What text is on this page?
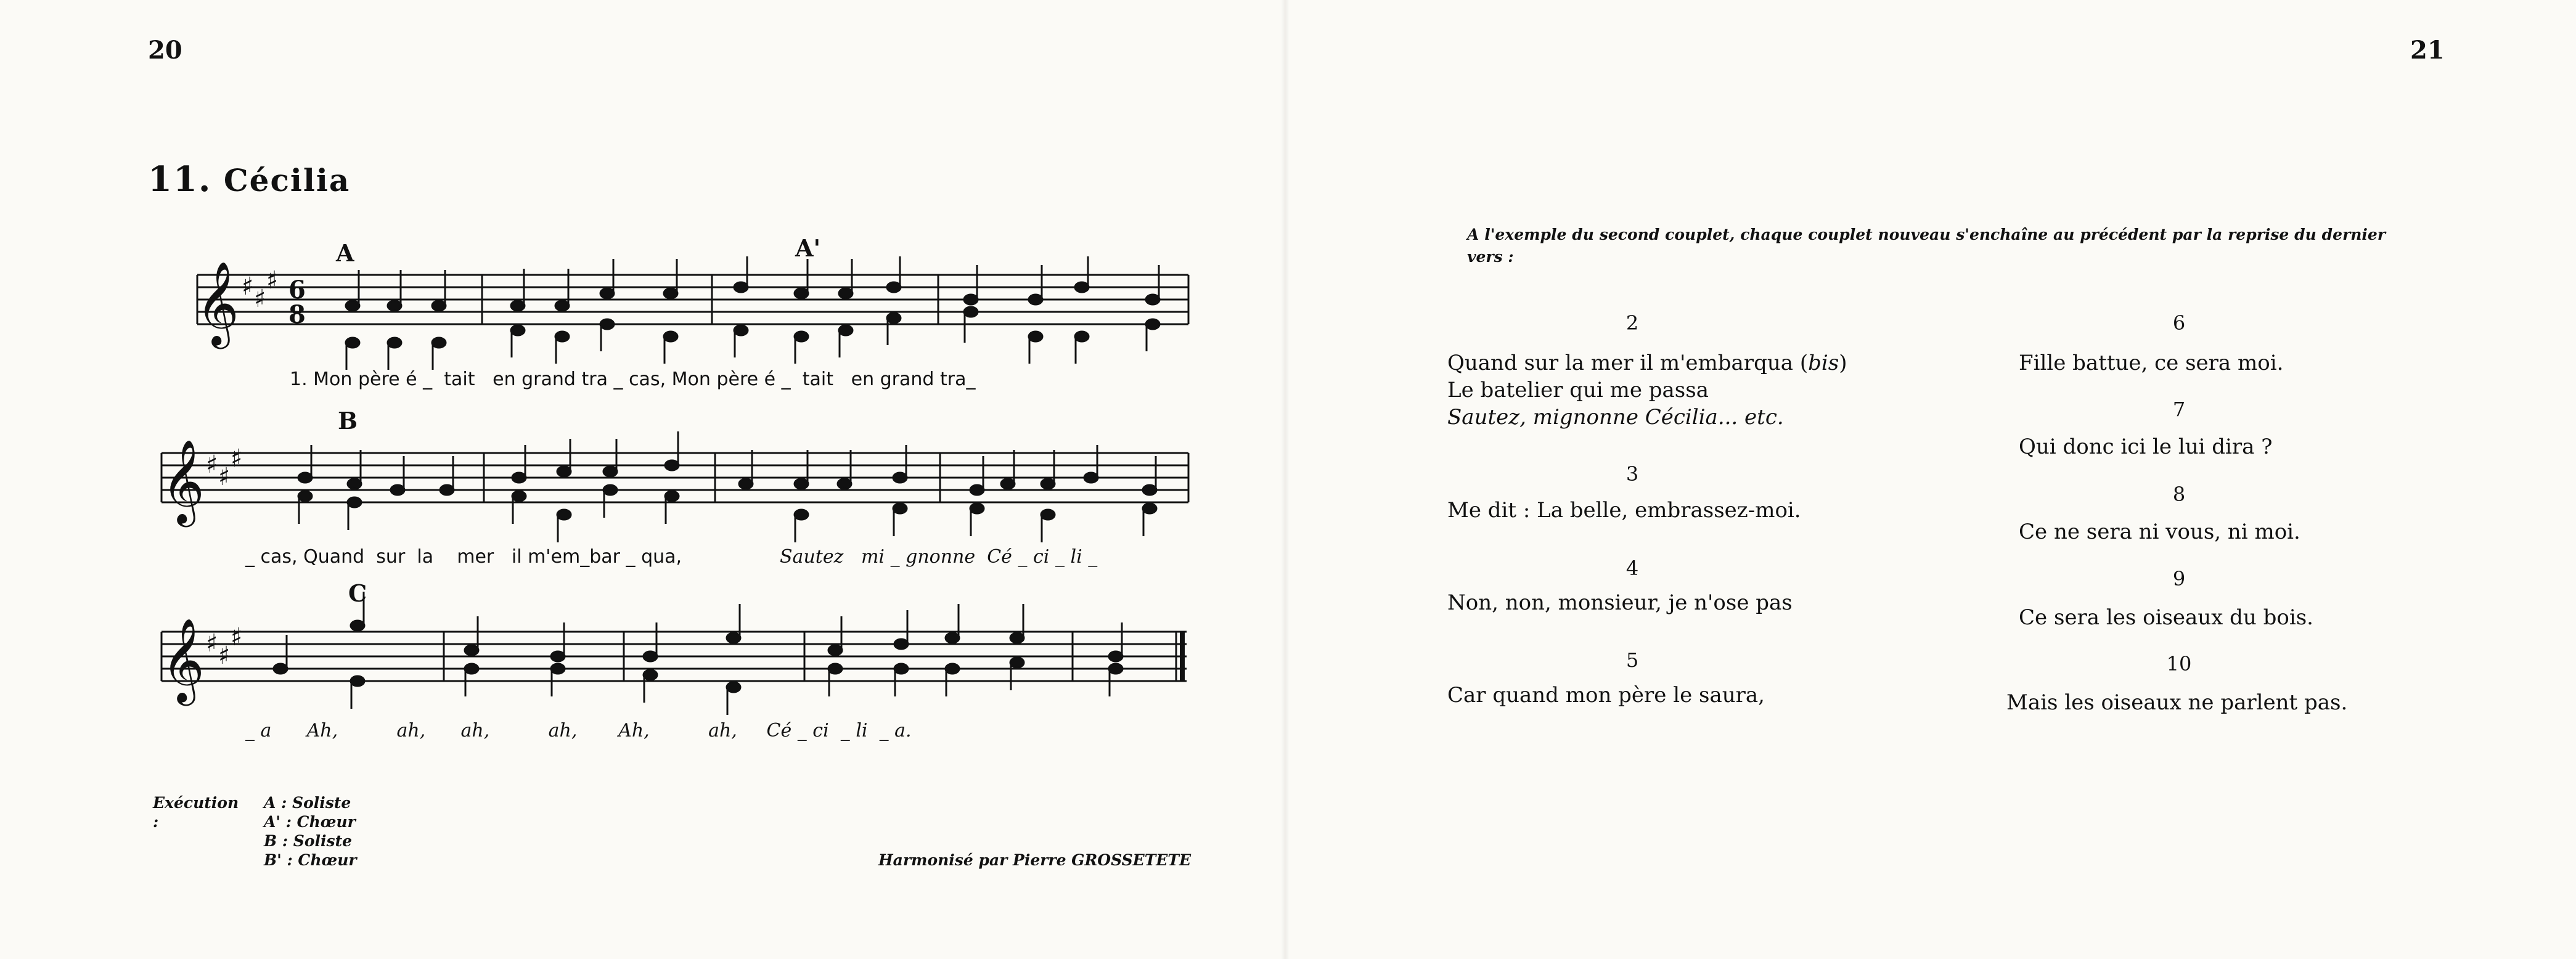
20
11. Cécilia
A	A'
B
C
𝄞 ♯ ♯
♯ 6
8
𝄞 ♯ ♯
♯
𝄞 ♯ ♯
♯
1. Mon père é _ tait en grand tra _ cas, Mon père é _ tait en grand tra_
_ cas, Quand sur la mer il m'em_bar _ qua,	Sautez mi _ gnonne Cé _ ci _ li _
_ a Ah,	ah, ah,	ah, Ah,	ah, Cé _ ci _ li _ a.
Exécution :
A : Soliste
A' : Chœur
B : Soliste
B' : Chœur	Harmonisé par Pierre GROSSETETE
21
A l'exemple du second couplet, chaque couplet nouveau s'enchaîne au précédent par la reprise du dernier vers :
2
Quand sur la mer il m'embarqua (bis)
Le batelier qui me passa
Sautez, mignonne Cécilia... etc.
3
Me dit : La belle, embrassez-moi.
4
Non, non, monsieur, je n'ose pas
5
Car quand mon père le saura,
6
Fille battue, ce sera moi.
7
Qui donc ici le lui dira ?
8
Ce ne sera ni vous, ni moi.
9
Ce sera les oiseaux du bois.
10
Mais les oiseaux ne parlent pas.
